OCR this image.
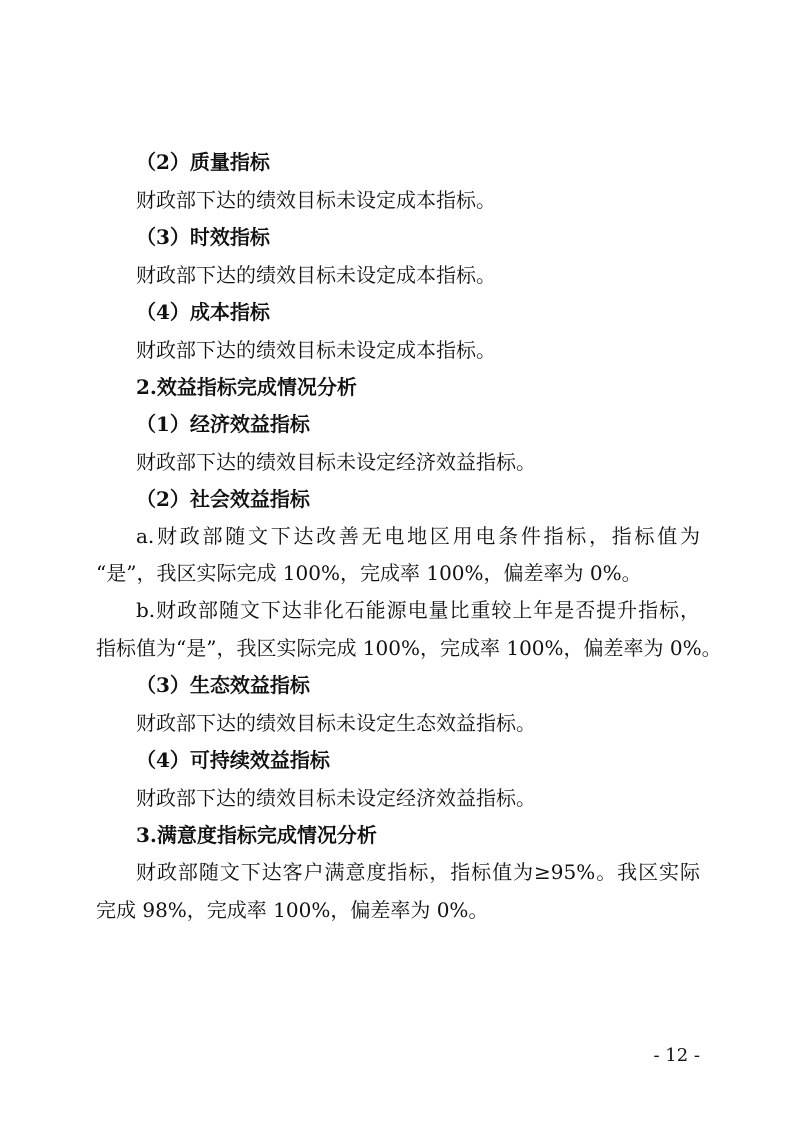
（2）质量指标
财政部下达的绩效目标未设定成本指标。
（3）时效指标
财政部下达的绩效目标未设定成本指标。
（4）成本指标
财政部下达的绩效目标未设定成本指标。
2.效益指标完成情况分析
（1）经济效益指标
财政部下达的绩效目标未设定经济效益指标。
（2）社会效益指标
a.财政部随文下达改善无电地区用电条件指标，指标值为
“是”，我区实际完成 100%，完成率 100%，偏差率为 0%。
b.财政部随文下达非化石能源电量比重较上年是否提升指标，
指标值为“是”，我区实际完成 100%，完成率 100%，偏差率为 0%。
（3）生态效益指标
财政部下达的绩效目标未设定生态效益指标。
（4）可持续效益指标
财政部下达的绩效目标未设定经济效益指标。
3.满意度指标完成情况分析
财政部随文下达客户满意度指标，指标值为≥95%。我区实际
完成 98%，完成率 100%，偏差率为 0%。
- 12 -
